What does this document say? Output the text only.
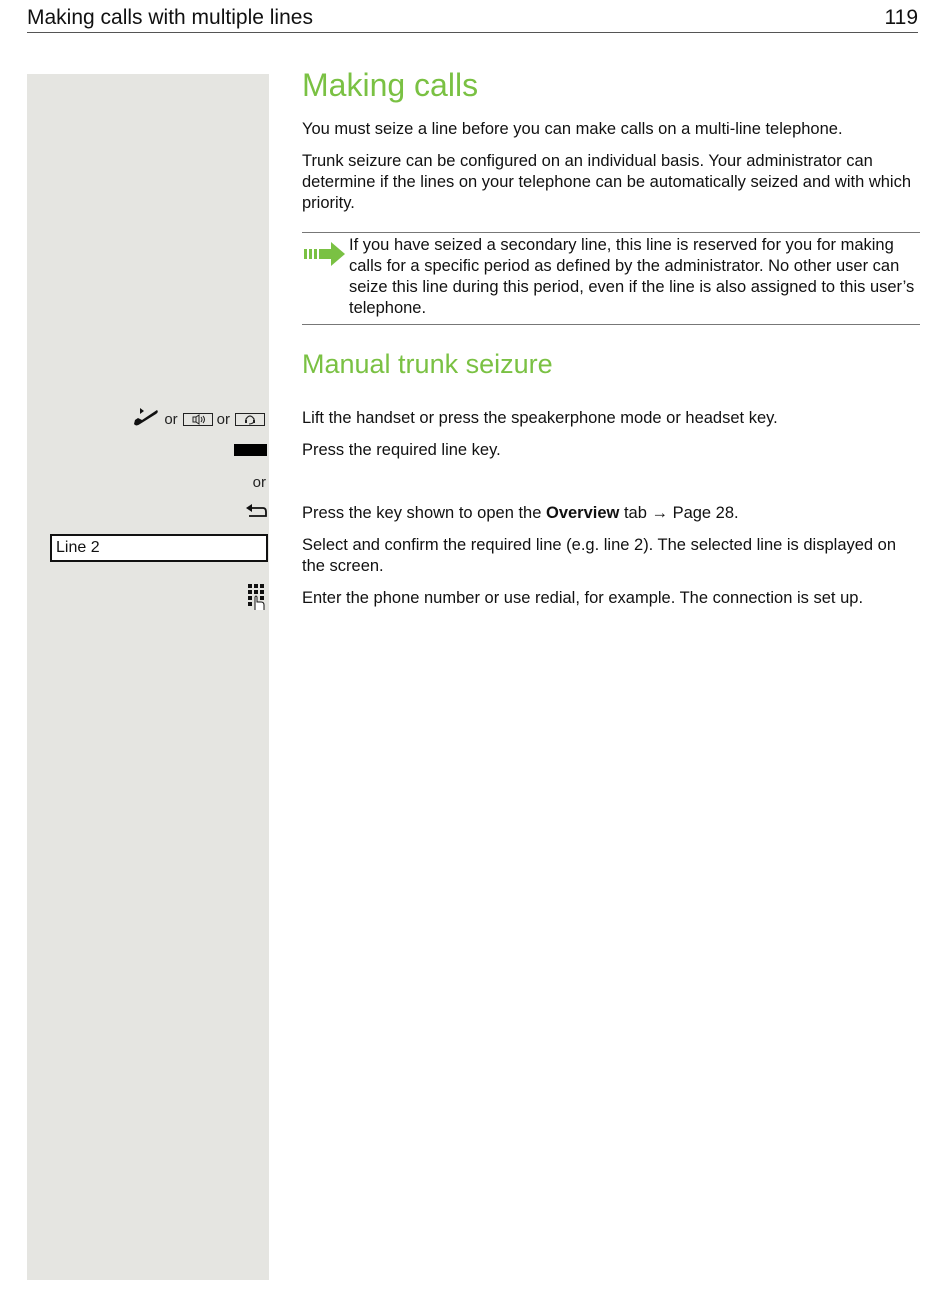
Making calls with multiple lines	119
Making calls

You must seize a line before you can make calls on a multi-line telephone.

Trunk seizure can be configured on an individual basis. Your administrator can determine if the lines on your telephone can be automatically seized and with which priority.

If you have seized a secondary line, this line is reserved for you for making calls for a specific period as defined by the administrator. No other user can seize this line during this period, even if the line is also assigned to this user’s telephone.

Manual trunk seizure
or	or	Lift the handset or press the speakerphone mode or headset key.

Press the required line key.

or

Press the key shown to open the Overview tab → Page 28.

Line 2	Select and confirm the required line (e.g. line 2). The selected line is displayed on the screen.

Enter the phone number or use redial, for example. The connection is set up.
